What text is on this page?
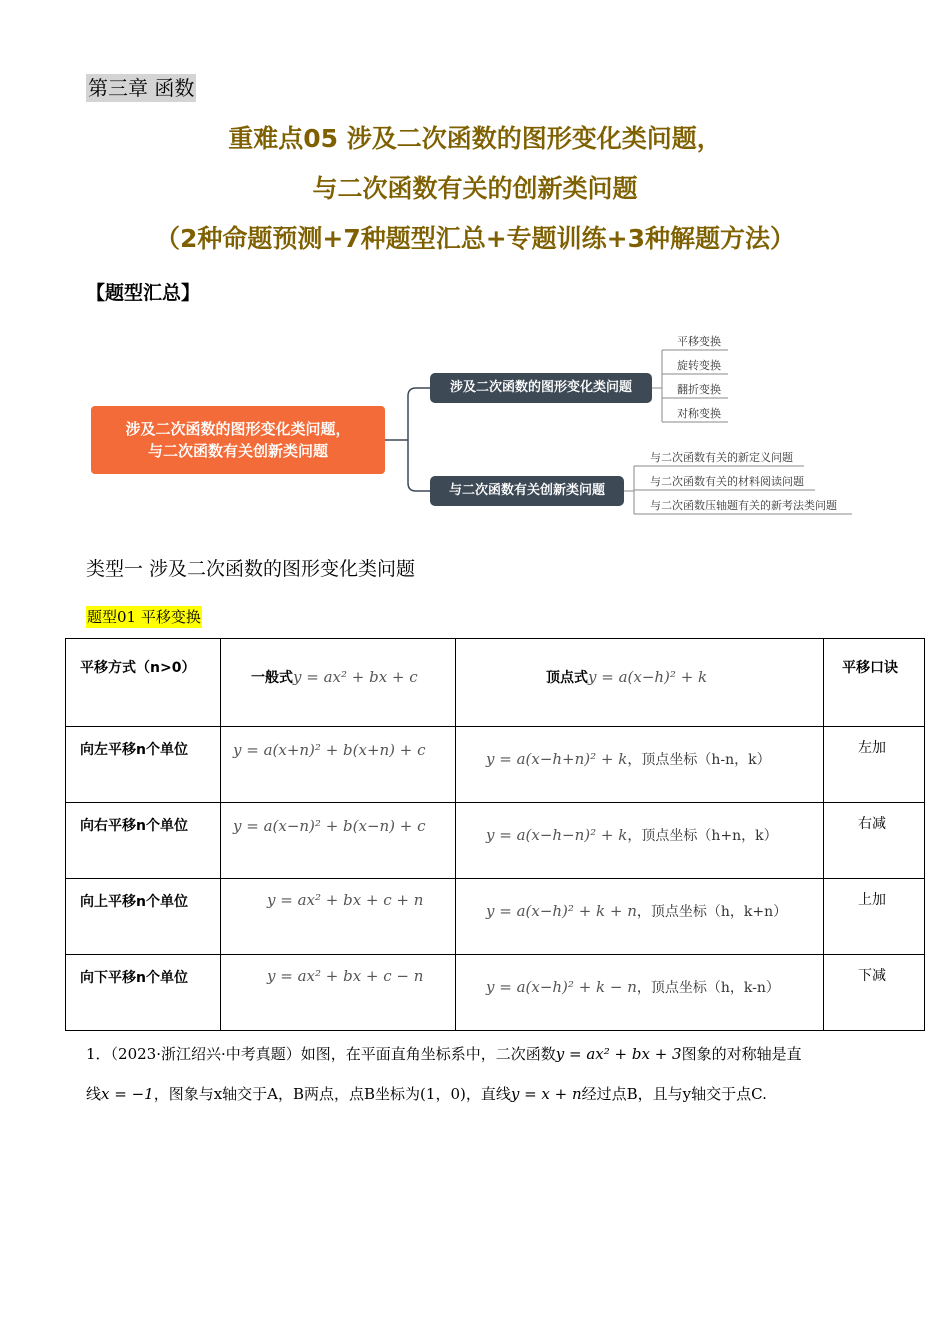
第三章 函数
重难点05 涉及二次函数的图形变化类问题，
与二次函数有关的创新类问题
（2种命题预测+7种题型汇总+专题训练+3种解题方法）
【题型汇总】
涉及二次函数的图形变化类问题，
与二次函数有关创新类问题
涉及二次函数的图形变化类问题
与二次函数有关创新类问题
平移变换
旋转变换
翻折变换
对称变换
与二次函数有关的新定义问题
与二次函数有关的材料阅读问题
与二次函数压轴题有关的新考法类问题
类型一 涉及二次函数的图形变化类问题
题型01 平移变换
平移方式（n>0）	一般式y = ax² + bx + c	顶点式y = a(x−h)² + k	平移口诀
向左平移n个单位	y = a(x+n)² + b(x+n) + c	y = a(x−h+n)² + k，顶点坐标（h-n，k）	左加
向右平移n个单位	y = a(x−n)² + b(x−n) + c	y = a(x−h−n)² + k，顶点坐标（h+n，k）	右减
向上平移n个单位	y = ax² + bx + c + n	y = a(x−h)² + k + n，顶点坐标（h，k+n）	上加
向下平移n个单位	y = ax² + bx + c − n	y = a(x−h)² + k − n，顶点坐标（h，k-n）	下减
1．（2023·浙江绍兴·中考真题）如图，在平面直角坐标系中，二次函数y = ax² + bx + 3图象的对称轴是直
线x = −1，图象与x轴交于A，B两点，点B坐标为(1，0)，直线y = x + n经过点B，且与y轴交于点C.
